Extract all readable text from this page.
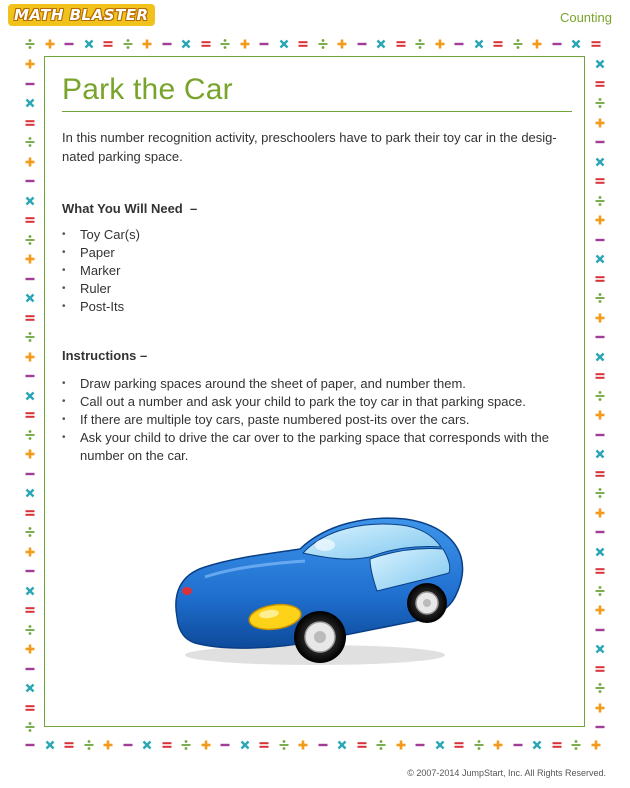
MATH BLASTER	Counting
Park the Car

In this number recognition activity, preschoolers have to park their toy car in the desig-nated parking space.

What You Will Need  –
• Toy Car(s)
• Paper
• Marker
• Ruler
• Post-Its
Instructions –
• Draw parking spaces around the sheet of paper, and number them.
• Call out a number and ask your child to park the toy car in that parking space.
• If there are multiple toy cars, paste numbered post-its over the cars.
• Ask your child to drive the car over to the parking space that corresponds with the number on the car.
© 2007-2014 JumpStart, Inc. All Rights Reserved.
